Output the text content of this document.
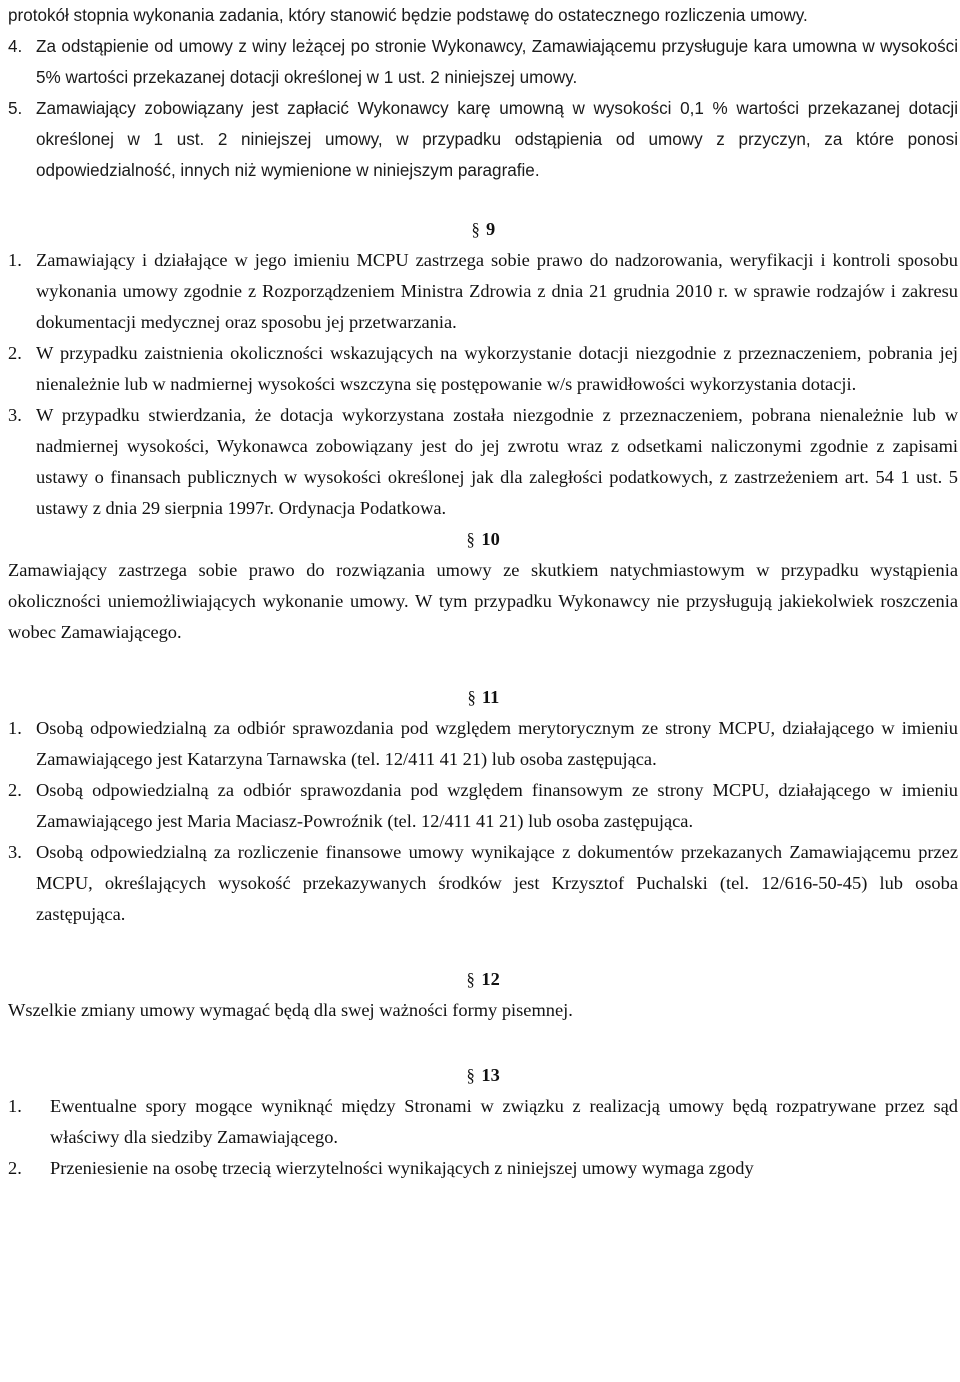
protokół stopnia wykonania zadania, który stanowić będzie podstawę do ostatecznego rozliczenia umowy.
4. Za odstąpienie od umowy z winy leżącej po stronie Wykonawcy, Zamawiającemu przysługuje kara umowna w wysokości 5% wartości przekazanej dotacji określonej w 1 ust. 2 niniejszej umowy.
5. Zamawiający zobowiązany jest zapłacić Wykonawcy karę umowną w wysokości 0,1 % wartości przekazanej dotacji określonej w 1 ust. 2 niniejszej umowy, w przypadku odstąpienia od umowy z przyczyn, za które ponosi odpowiedzialność, innych niż wymienione w niniejszym paragrafie.
§ 9
1. Zamawiający i działające w jego imieniu MCPU zastrzega sobie prawo do nadzorowania, weryfikacji i kontroli sposobu wykonania umowy zgodnie z Rozporządzeniem Ministra Zdrowia z dnia 21 grudnia 2010 r. w sprawie rodzajów i zakresu dokumentacji medycznej oraz sposobu jej przetwarzania.
2. W przypadku zaistnienia okoliczności wskazujących na wykorzystanie dotacji niezgodnie z przeznaczeniem, pobrania jej nienależnie lub w nadmiernej wysokości wszczyna się postępowanie w/s prawidłowości wykorzystania dotacji.
3. W przypadku stwierdzania, że dotacja wykorzystana została niezgodnie z przeznaczeniem, pobrana nienależnie lub w nadmiernej wysokości, Wykonawca zobowiązany jest do jej zwrotu wraz z odsetkami naliczonymi zgodnie z zapisami ustawy o finansach publicznych w wysokości określonej jak dla zaległości podatkowych, z zastrzeżeniem art. 54 1 ust. 5 ustawy z dnia 29 sierpnia 1997r. Ordynacja Podatkowa.
§ 10
Zamawiający zastrzega sobie prawo do rozwiązania umowy ze skutkiem natychmiastowym w przypadku wystąpienia okoliczności uniemożliwiających wykonanie umowy. W tym przypadku Wykonawcy nie przysługują jakiekolwiek roszczenia wobec Zamawiającego.
§ 11
1. Osobą odpowiedzialną za odbiór sprawozdania pod względem merytorycznym ze strony MCPU, działającego w imieniu Zamawiającego jest Katarzyna Tarnawska (tel. 12/411 41 21) lub osoba zastępująca.
2. Osobą odpowiedzialną za odbiór sprawozdania pod względem finansowym ze strony MCPU, działającego w imieniu Zamawiającego jest Maria Maciasz-Powroźnik (tel. 12/411 41 21) lub osoba zastępująca.
3. Osobą odpowiedzialną za rozliczenie finansowe umowy wynikające z dokumentów przekazanych Zamawiającemu przez MCPU, określających wysokość przekazywanych środków jest Krzysztof Puchalski (tel. 12/616-50-45) lub osoba zastępująca.
§ 12
Wszelkie zmiany umowy wymagać będą dla swej ważności formy pisemnej.
§ 13
1.	Ewentualne spory mogące wyniknąć między Stronami w związku z realizacją umowy będą rozpatrywane przez sąd właściwy dla siedziby Zamawiającego.
2.	Przeniesienie na osobę trzecią wierzytelności wynikających z niniejszej umowy wymaga zgody
